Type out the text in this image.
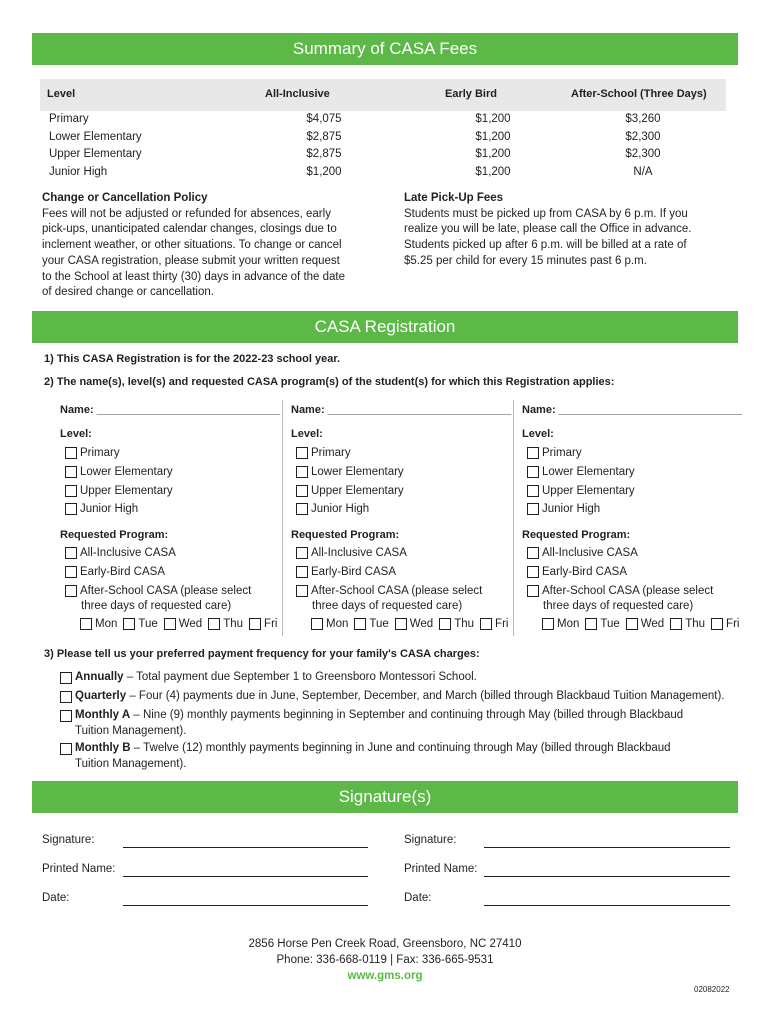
Summary of CASA Fees
Level	All-Inclusive	Early Bird	After-School (Three Days)
Primary	$4,075	$1,200	$3,260
Lower Elementary	$2,875	$1,200	$2,300
Upper Elementary	$2,875	$1,200	$2,300
Junior High	$1,200	$1,200	N/A
Change or Cancellation Policy
Fees will not be adjusted or refunded for absences, early
pick-ups, unanticipated calendar changes, closings due to
inclement weather, or other situations. To change or cancel
your CASA registration, please submit your written request
to the School at least thirty (30) days in advance of the date
of desired change or cancellation.
Late Pick-Up Fees
Students must be picked up from CASA by 6 p.m. If you
realize you will be late, please call the Office in advance.
Students picked up after 6 p.m. will be billed at a rate of
$5.25 per child for every 15 minutes past 6 p.m.
CASA Registration
1) This CASA Registration is for the 2022-23 school year.
2) The name(s), level(s) and requested CASA program(s) of the student(s) for which this Registration applies:
Name: ______________________________
Level:
Primary
Lower Elementary
Upper Elementary
Junior High
Requested Program:
All-Inclusive CASA
Early-Bird CASA
After-School CASA (please select
three days of requested care)
Mon Tue Wed Thu Fri
Name: ______________________________
Level:
Primary
Lower Elementary
Upper Elementary
Junior High
Requested Program:
All-Inclusive CASA
Early-Bird CASA
After-School CASA (please select
three days of requested care)
Mon Tue Wed Thu Fri
Name: ______________________________
Level:
Primary
Lower Elementary
Upper Elementary
Junior High
Requested Program:
All-Inclusive CASA
Early-Bird CASA
After-School CASA (please select
three days of requested care)
Mon Tue Wed Thu Fri
3) Please tell us your preferred payment frequency for your family's CASA charges:
Annually – Total payment due September 1 to Greensboro Montessori School.
Quarterly – Four (4) payments due in June, September, December, and March (billed through Blackbaud Tuition Management).
Monthly A – Nine (9) monthly payments beginning in September and continuing through May (billed through Blackbaud
Tuition Management).
Monthly B – Twelve (12) monthly payments beginning in June and continuing through May (billed through Blackbaud
Tuition Management).
Signature(s)
Signature:
Printed Name:
Date:
Signature:
Printed Name:
Date:
2856 Horse Pen Creek Road, Greensboro, NC 27410
Phone: 336-668-0119 | Fax: 336-665-9531
www.gms.org
02082022
